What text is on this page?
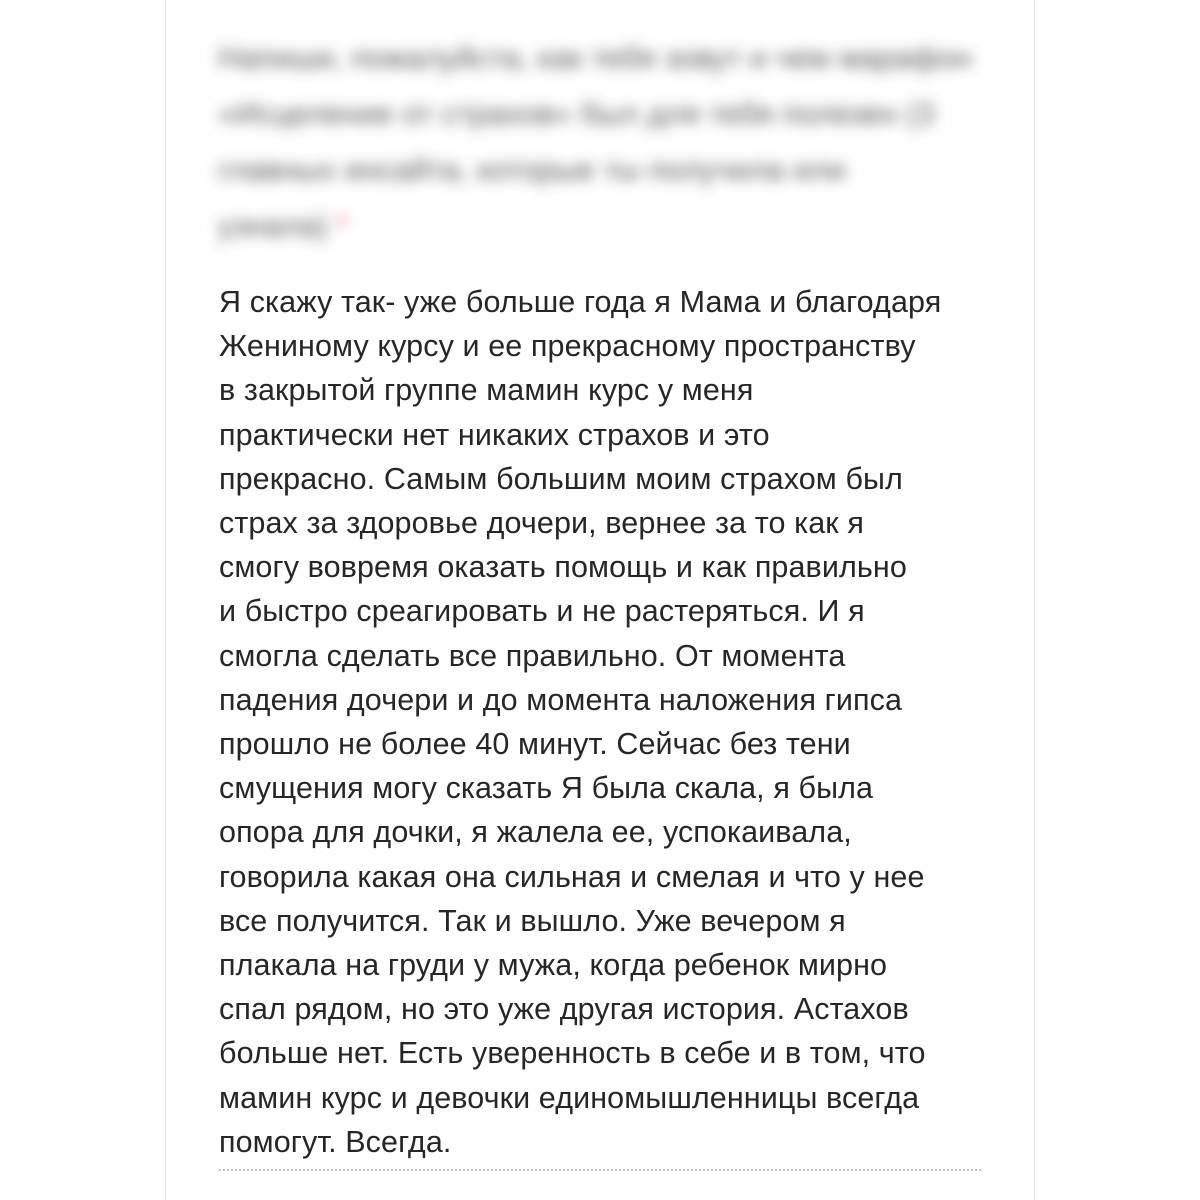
Напиши, пожалуйста, как тебя зовут и чем марафон «Исцеление от страхов» был для тебя полезен (3 главных инсайта, которые ты получила или узнала) *
Я скажу так- уже больше года я Мама и благодаря
Жениному курсу и ее прекрасному пространству
в закрытой группе мамин курс у меня
практически нет никаких страхов и это
прекрасно. Самым большим моим страхом был
страх за здоровье дочери, вернее за то как я
смогу вовремя оказать помощь и как правильно
и быстро среагировать и не растеряться. И я
смогла сделать все правильно. От момента
падения дочери и до момента наложения гипса
прошло не более 40 минут. Сейчас без тени
смущения могу сказать Я была скала, я была
опора для дочки, я жалела ее, успокаивала,
говорила какая она сильная и смелая и что у нее
все получится. Так и вышло. Уже вечером я
плакала на груди у мужа, когда ребенок мирно
спал рядом, но это уже другая история. Астахов
больше нет. Есть уверенность в себе и в том, что
мамин курс и девочки единомышленницы всегда
помогут. Всегда.
